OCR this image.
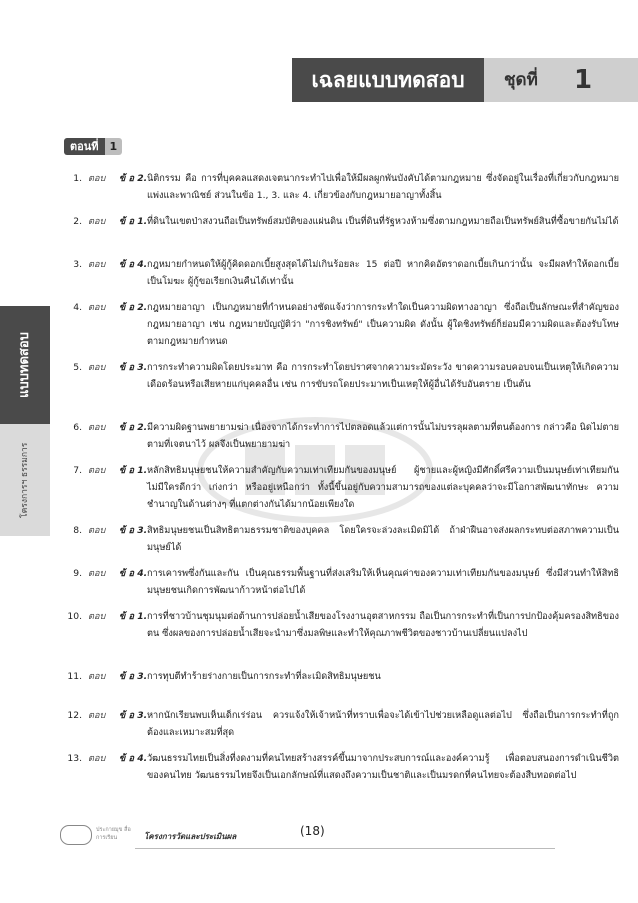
เฉลยแบบทดสอบ	ชุดที่ 1
ตอนที่ 1
แบบทดสอบ
โครงการฯ ธรรมการ
1. ตอบ ข้ อ 2. นิติกรรม คือ การที่บุคคลแสดงเจตนากระทำไปเพื่อให้มีผลผูกพันบังคับได้ตามกฎหมาย ซึ่งจัดอยู่ในเรื่องที่เกี่ยวกับกฎหมายแพ่งและพาณิชย์ ส่วนในข้อ 1., 3. และ 4. เกี่ยวข้องกับกฎหมายอาญาทั้งสิ้น
2. ตอบ ข้ อ 1. ที่ดินในเขตป่าสงวนถือเป็นทรัพย์สมบัติของแผ่นดิน เป็นที่ดินที่รัฐหวงห้ามซึ่งตามกฎหมายถือเป็นทรัพย์สินที่ซื้อขายกันไม่ได้
3. ตอบ ข้ อ 4. กฎหมายกำหนดให้ผู้กู้คิดดอกเบี้ยสูงสุดได้ไม่เกินร้อยละ 15 ต่อปี หากคิดอัตราดอกเบี้ยเกินกว่านั้น จะมีผลทำให้ดอกเบี้ยเป็นโมฆะ ผู้กู้ขอเรียกเงินคืนได้เท่านั้น
4. ตอบ ข้ อ 2. กฎหมายอาญา เป็นกฎหมายที่กำหนดอย่างชัดแจ้งว่าการกระทำใดเป็นความผิดทางอาญา ซึ่งถือเป็นลักษณะที่สำคัญของกฎหมายอาญา เช่น กฎหมายบัญญัติว่า "การชิงทรัพย์" เป็นความผิด ดังนั้น ผู้ใดชิงทรัพย์ก็ย่อมมีความผิดและต้องรับโทษตามกฎหมายกำหนด
5. ตอบ ข้ อ 3. การกระทำความผิดโดยประมาท คือ การกระทำโดยปราศจากความระมัดระวัง ขาดความรอบคอบจนเป็นเหตุให้เกิดความเดือดร้อนหรือเสียหายแก่บุคคลอื่น เช่น การขับรถโดยประมาทเป็นเหตุให้ผู้อื่นได้รับอันตราย เป็นต้น
6. ตอบ ข้ อ 2. มีความผิดฐานพยายามฆ่า เนื่องจากได้กระทำการไปตลอดแล้วแต่การนั้นไม่บรรลุผลตามที่ตนต้องการ กล่าวคือ นิดไม่ตายตามที่เจตนาไว้ ผลจึงเป็นพยายามฆ่า
7. ตอบ ข้ อ 1. หลักสิทธิมนุษยชนให้ความสำคัญกับความเท่าเทียมกันของมนุษย์ ผู้ชายและผู้หญิงมีศักดิ์ศรีความเป็นมนุษย์เท่าเทียมกัน ไม่มีใครดีกว่า เก่งกว่า หรืออยู่เหนือกว่า ทั้งนี้ขึ้นอยู่กับความสามารถของแต่ละบุคคลว่าจะมีโอกาสพัฒนาทักษะ ความชำนาญในด้านต่างๆ ที่แตกต่างกันได้มากน้อยเพียงใด
8. ตอบ ข้ อ 3. สิทธิมนุษยชนเป็นสิทธิตามธรรมชาติของบุคคล โดยใครจะล่วงละเมิดมิได้ ถ้าฝ่าฝืนอาจส่งผลกระทบต่อสภาพความเป็นมนุษย์ได้
9. ตอบ ข้ อ 4. การเคารพซึ่งกันและกัน เป็นคุณธรรมพื้นฐานที่ส่งเสริมให้เห็นคุณค่าของความเท่าเทียมกันของมนุษย์ ซึ่งมีส่วนทำให้สิทธิมนุษยชนเกิดการพัฒนาก้าวหน้าต่อไปได้
10. ตอบ ข้ อ 1. การที่ชาวบ้านชุมนุมต่อต้านการปล่อยน้ำเสียของโรงงานอุตสาหกรรม ถือเป็นการกระทำที่เป็นการปกป้องคุ้มครองสิทธิของตน ซึ่งผลของการปล่อยน้ำเสียจะนำมาซึ่งมลพิษและทำให้คุณภาพชีวิตของชาวบ้านเปลี่ยนแปลงไป
11. ตอบ ข้ อ 3. การทุบตีทำร้ายร่างกายเป็นการกระทำที่ละเมิดสิทธิมนุษยชน
12. ตอบ ข้ อ 3. หากนักเรียนพบเห็นเด็กเร่ร่อน ควรแจ้งให้เจ้าหน้าที่ทราบเพื่อจะได้เข้าไปช่วยเหลือดูแลต่อไป ซึ่งถือเป็นการกระทำที่ถูกต้องและเหมาะสมที่สุด
13. ตอบ ข้ อ 4. วัฒนธรรมไทยเป็นสิ่งที่งดงามที่คนไทยสร้างสรรค์ขึ้นมาจากประสบการณ์และองค์ความรู้ เพื่อตอบสนองการดำเนินชีวิตของคนไทย วัฒนธรรมไทยจึงเป็นเอกลักษณ์ที่แสดงถึงความเป็นชาติและเป็นมรดกที่คนไทยจะต้องสืบทอดต่อไป
ประกายมุข สื่อการเรียน	โครงการวัดและประเมินผล	(18)
